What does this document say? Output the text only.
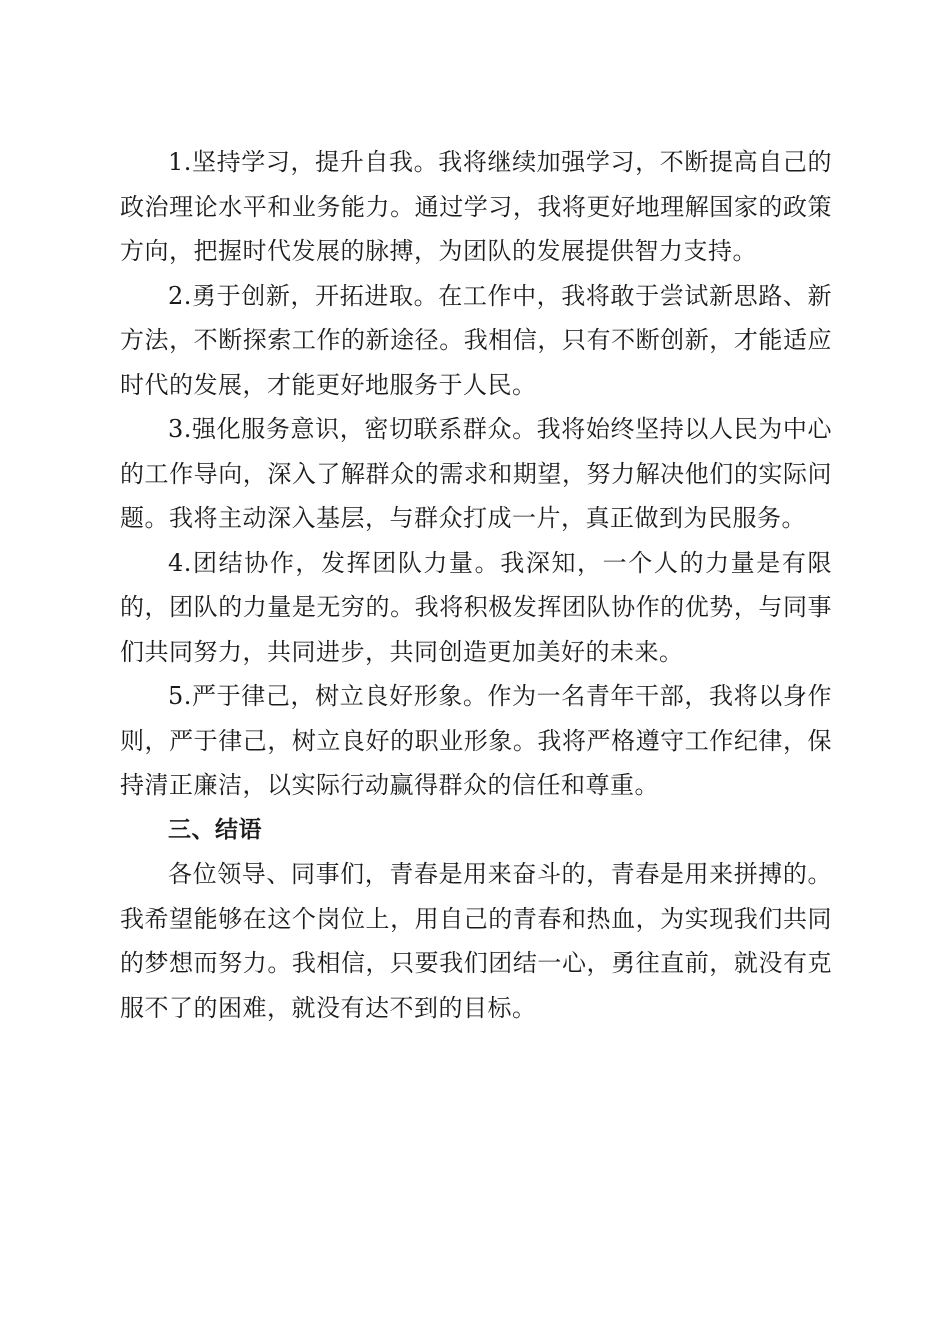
1.坚持学习，提升自我。我将继续加强学习，不断提高自己的政治理论水平和业务能力。通过学习，我将更好地理解国家的政策方向，把握时代发展的脉搏，为团队的发展提供智力支持。

2.勇于创新，开拓进取。在工作中，我将敢于尝试新思路、新方法，不断探索工作的新途径。我相信，只有不断创新，才能适应时代的发展，才能更好地服务于人民。

3.强化服务意识，密切联系群众。我将始终坚持以人民为中心的工作导向，深入了解群众的需求和期望，努力解决他们的实际问题。我将主动深入基层，与群众打成一片，真正做到为民服务。

4.团结协作，发挥团队力量。我深知，一个人的力量是有限的，团队的力量是无穷的。我将积极发挥团队协作的优势，与同事们共同努力，共同进步，共同创造更加美好的未来。

5.严于律己，树立良好形象。作为一名青年干部，我将以身作则，严于律己，树立良好的职业形象。我将严格遵守工作纪律，保持清正廉洁，以实际行动赢得群众的信任和尊重。

三、结语

各位领导、同事们，青春是用来奋斗的，青春是用来拼搏的。我希望能够在这个岗位上，用自己的青春和热血，为实现我们共同的梦想而努力。我相信，只要我们团结一心，勇往直前，就没有克服不了的困难，就没有达不到的目标。
